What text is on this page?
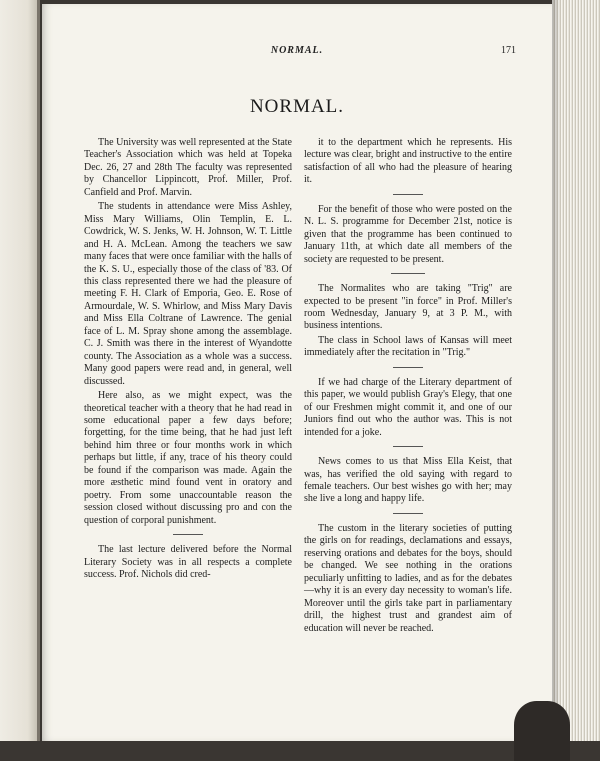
NORMAL.	171
NORMAL.

The University was well represented at the State Teacher's Association which was held at Topeka Dec. 26, 27 and 28th The faculty was represented by Chancellor Lippincott, Prof. Miller, Prof. Canfield and Prof. Marvin.

The students in attendance were Miss Ashley, Miss Mary Williams, Olin Templin, E. L. Cowdrick, W. S. Jenks, W. H. Johnson, W. T. Little and H. A. McLean. Among the teachers we saw many faces that were once familiar with the halls of the K. S. U., especially those of the class of '83. Of this class represented there we had the pleasure of meeting F. H. Clark of Emporia, Geo. E. Rose of Armourdale, W. S. Whirlow, and Miss Mary Davis and Miss Ella Coltrane of Lawrence. The genial face of L. M. Spray shone among the assemblage. C. J. Smith was there in the interest of Wyandotte county. The Association as a whole was a success. Many good papers were read and, in general, well discussed.

Here also, as we might expect, was the theoretical teacher with a theory that he had read in some educational paper a few days before; forgetting, for the time being, that he had just left behind him three or four months work in which perhaps but little, if any, trace of his theory could be found if the comparison was made. Again the more æsthetic mind found vent in oratory and poetry. From some unaccountable reason the session closed without discussing pro and con the question of corporal punishment.

The last lecture delivered before the Normal Literary Society was in all respects a complete success. Prof. Nichols did cred-

it to the department which he represents. His lecture was clear, bright and instructive to the entire satisfaction of all who had the pleasure of hearing it.

For the benefit of those who were posted on the N. L. S. programme for December 21st, notice is given that the programme has been continued to January 11th, at which date all members of the society are requested to be present.

The Normalites who are taking "Trig" are expected to be present "in force" in Prof. Miller's room Wednesday, January 9, at 3 P. M., with business intentions.

The class in School laws of Kansas will meet immediately after the recitation in "Trig."

If we had charge of the Literary department of this paper, we would publish Gray's Elegy, that one of our Freshmen might commit it, and one of our Juniors find out who the author was. This is not intended for a joke.

News comes to us that Miss Ella Keist, that was, has verified the old saying with regard to female teachers. Our best wishes go with her; may she live a long and happy life.

The custom in the literary societies of putting the girls on for readings, declamations and essays, reserving orations and debates for the boys, should be changed. We see nothing in the orations peculiarly unfitting to ladies, and as for the debates—why it is an every day necessity to woman's life. Moreover until the girls take part in parliamentary drill, the highest trust and grandest aim of education will never be reached.
